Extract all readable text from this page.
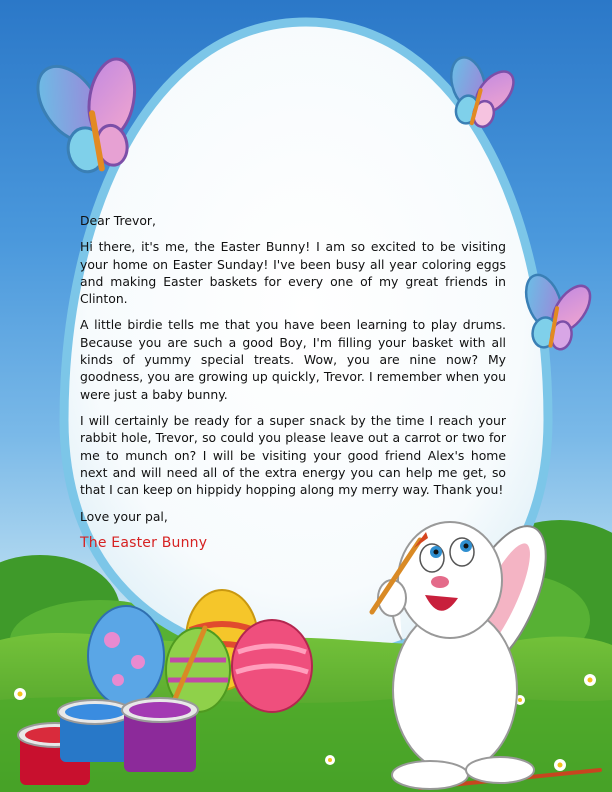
Dear Trevor,

Hi there, it's me, the Easter Bunny! I am so excited to be visiting your home on Easter Sunday! I've been busy all year coloring eggs and making Easter baskets for every one of my great friends in Clinton.

A little birdie tells me that you have been learning to play drums. Because you are such a good Boy, I'm filling your basket with all kinds of yummy special treats. Wow, you are nine now? My goodness, you are growing up quickly, Trevor. I remember when you were just a baby bunny.

I will certainly be ready for a super snack by the time I reach your rabbit hole, Trevor, so could you please leave out a carrot or two for me to munch on? I will be visiting your good friend Alex's home next and will need all of the extra energy you can help me get, so that I can keep on hippidy hopping along my merry way. Thank you!

Love your pal,
The Easter Bunny
